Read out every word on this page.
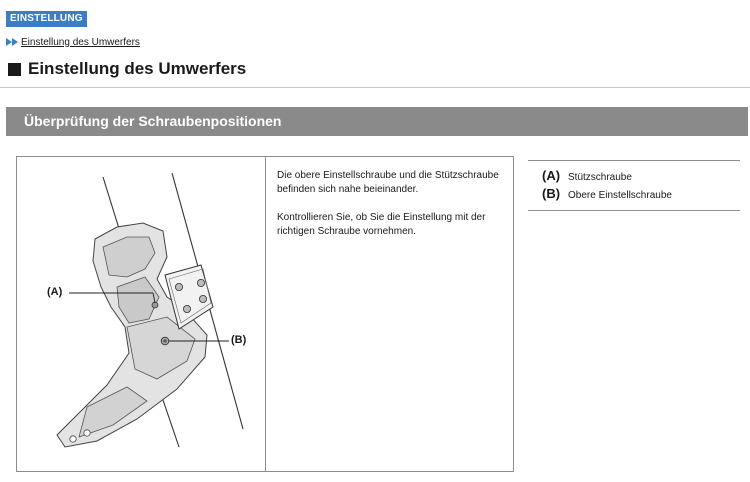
EINSTELLUNG
Einstellung des Umwerfers
Einstellung des Umwerfers
Überprüfung der Schraubenpositionen
(A)
(B)

Die obere Einstellschraube und die Stützschraube befinden sich nahe beieinander.

Kontrollieren Sie, ob Sie die Einstellung mit der richtigen Schraube vornehmen.

(A) Stützschraube
(B) Obere Einstellschraube
